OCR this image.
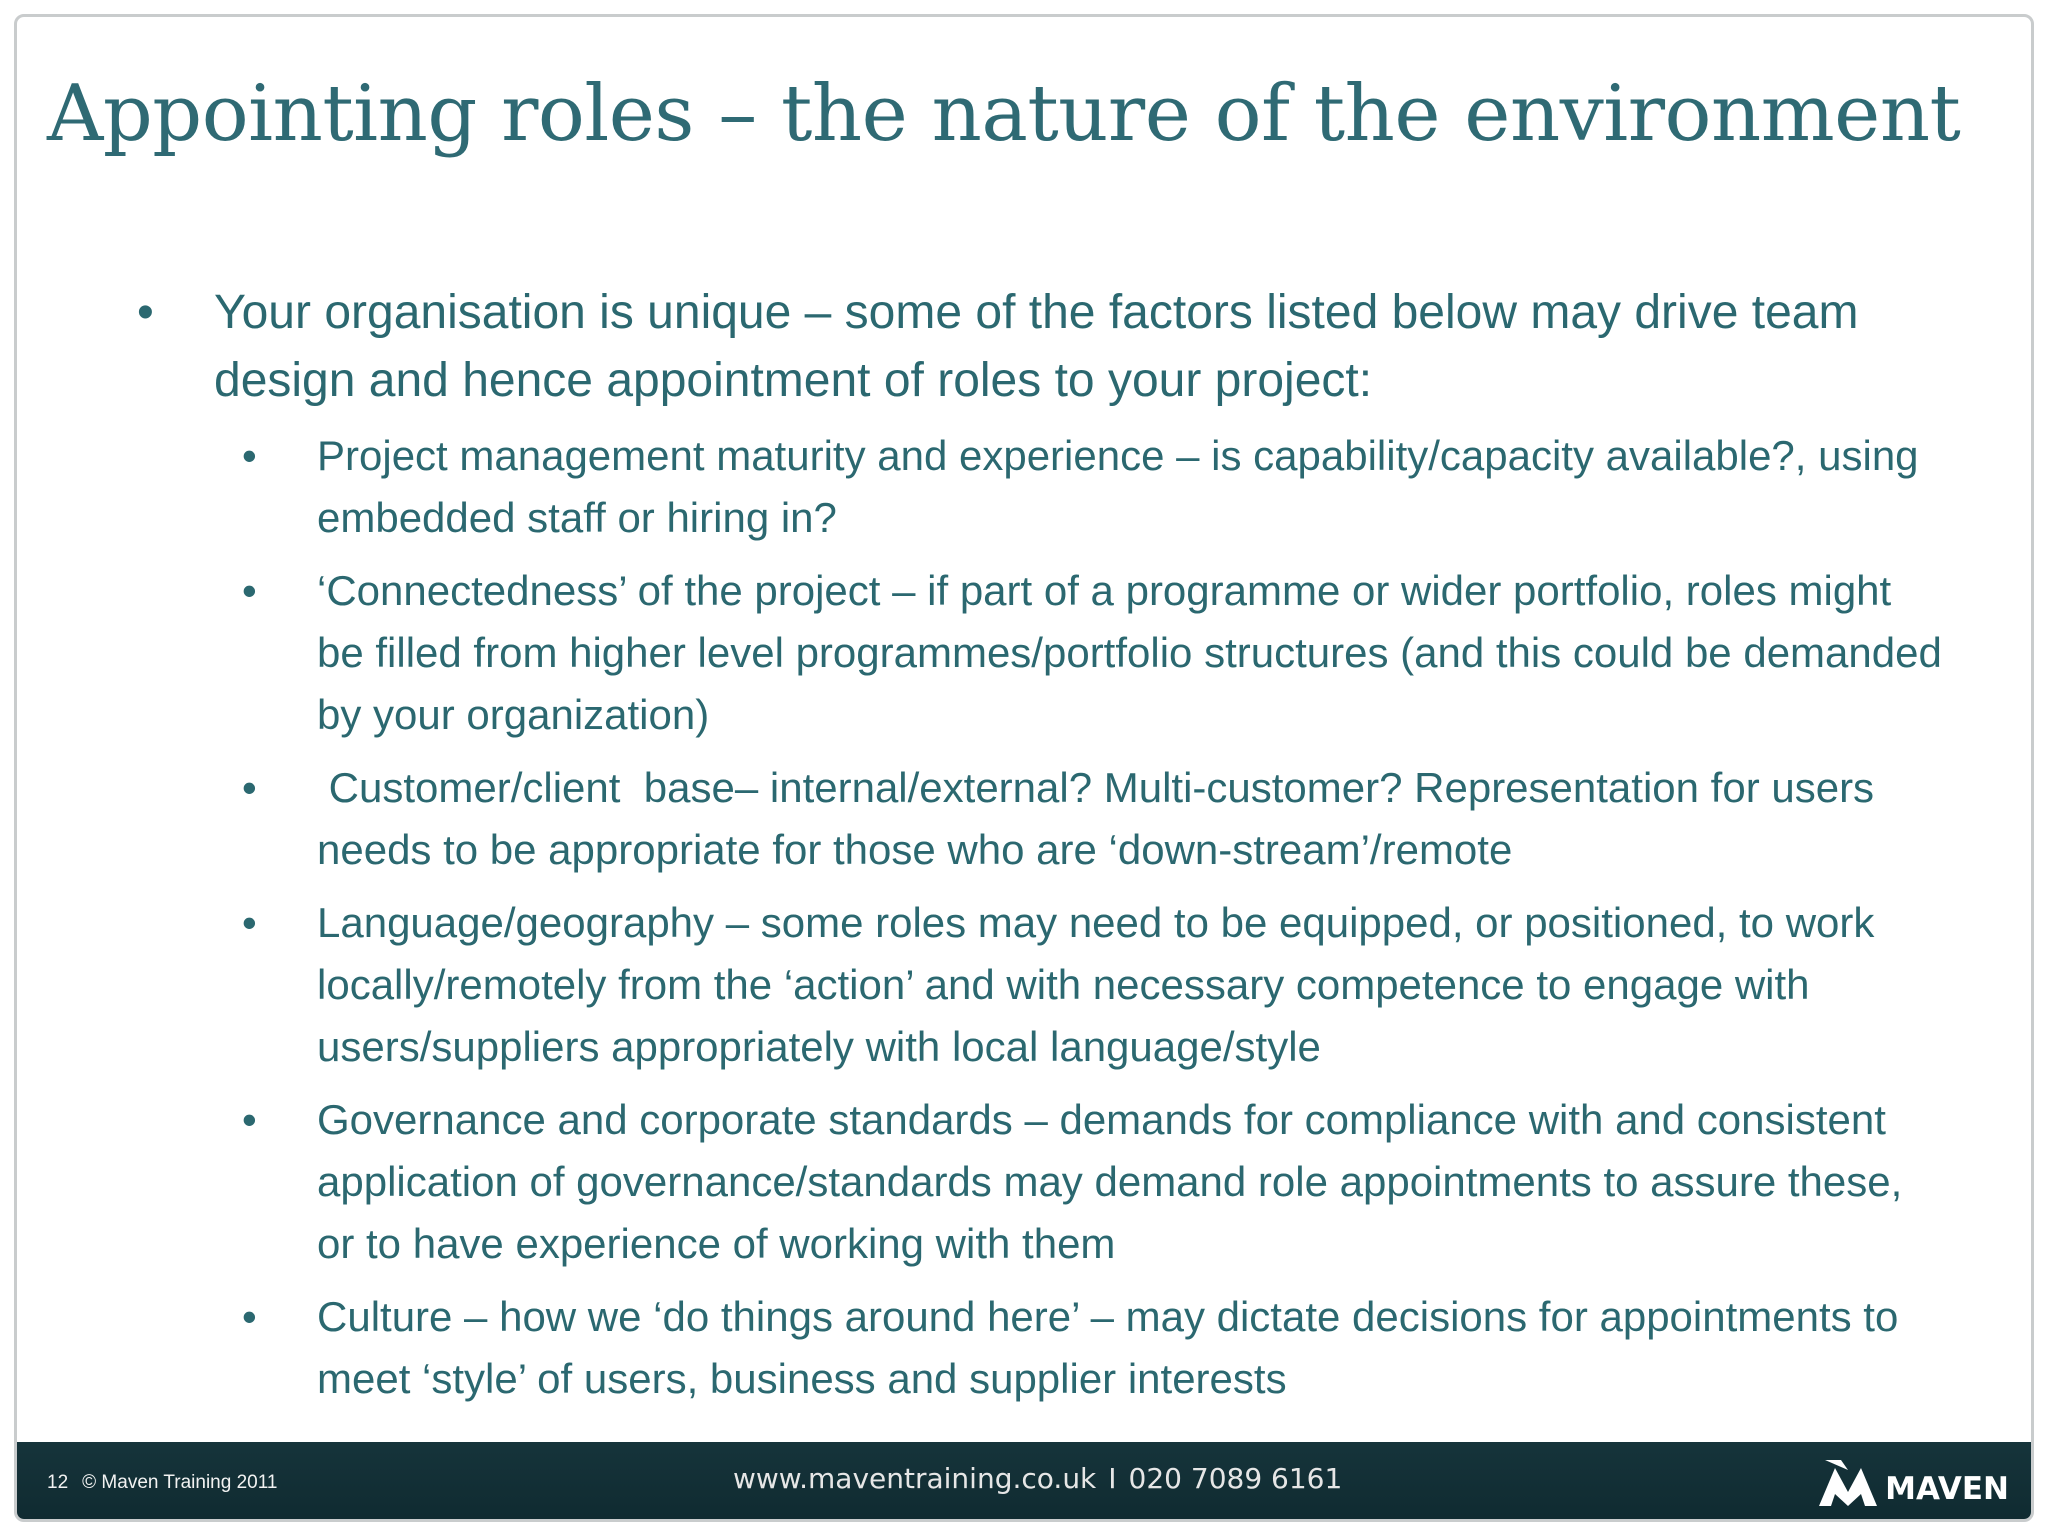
Appointing roles – the nature of the environment
• Your organisation is unique – some of the factors listed below may drive team design and hence appointment of roles to your project:
• Project management maturity and experience – is capability/capacity available?, using embedded staff or hiring in?
• ‘Connectedness’ of the project – if part of a programme or wider portfolio, roles might be filled from higher level programmes/portfolio structures (and this could be demanded by your organization)
• Customer/client  base– internal/external? Multi-customer? Representation for users needs to be appropriate for those who are ‘down-stream’/remote
• Language/geography – some roles may need to be equipped, or positioned, to work locally/remotely from the ‘action’ and with necessary competence to engage with users/suppliers appropriately with local language/style
• Governance and corporate standards – demands for compliance with and consistent application of governance/standards may demand role appointments to assure these, or to have experience of working with them
• Culture – how we ‘do things around here’ – may dictate decisions for appointments to meet ‘style’ of users, business and supplier interests
12 © Maven Training 2011	www.maventraining.co.uk I 020 7089 6161	MAVEN
